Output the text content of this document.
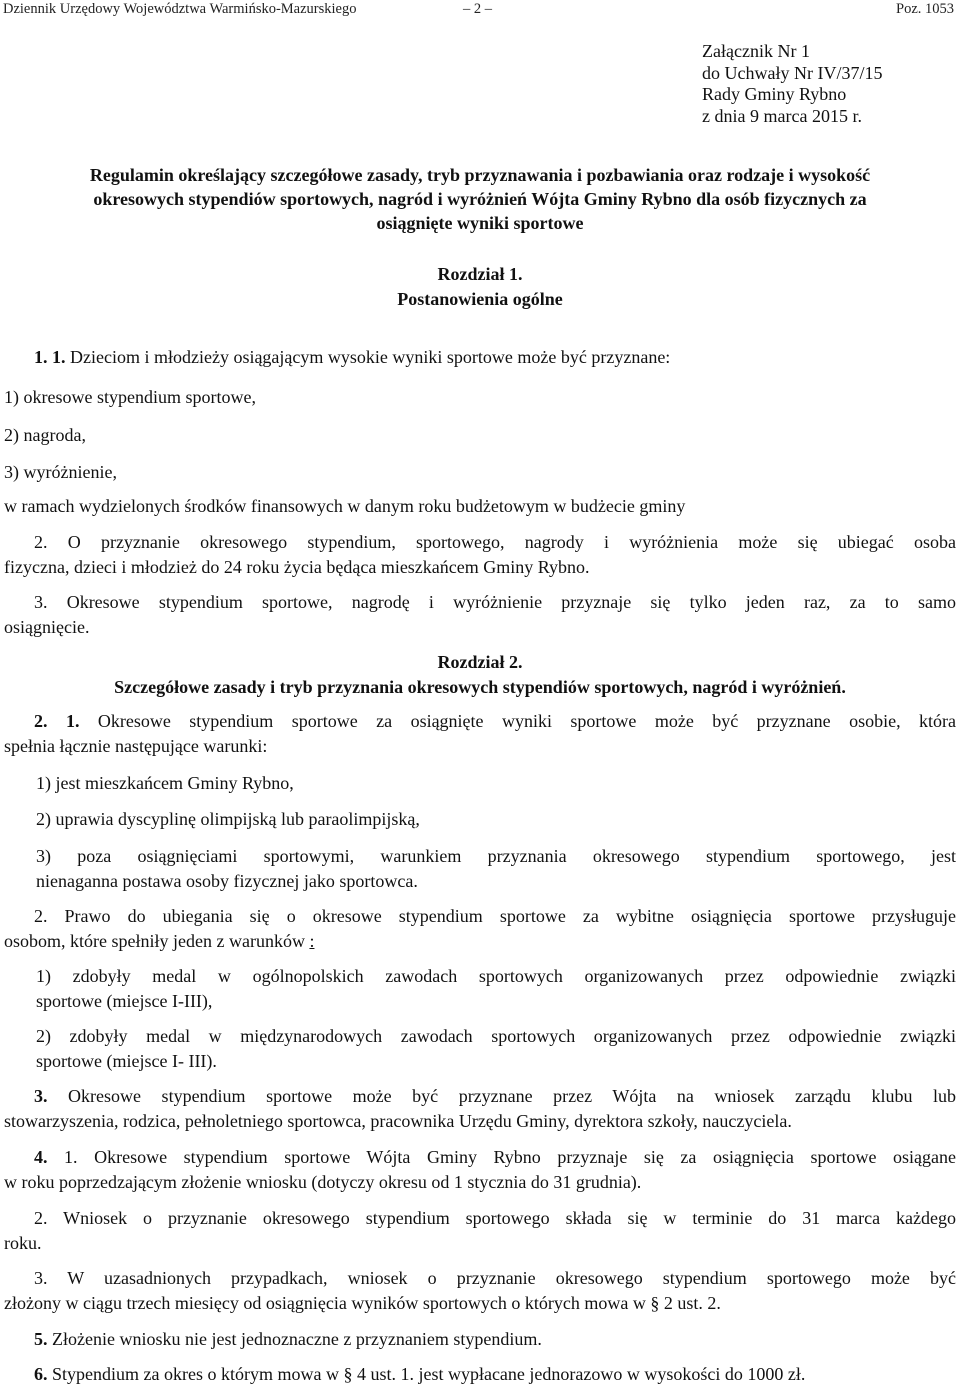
Dziennik Urzędowy Województwa Warmińsko-Mazurskiego	– 2 –	Poz. 1053
Załącznik Nr 1
do Uchwały Nr IV/37/15
Rady Gminy Rybno
z dnia 9 marca 2015 r.
Regulamin określający szczegółowe zasady, tryb przyznawania i pozbawiania oraz rodzaje i wysokość
okresowych stypendiów sportowych, nagród i wyróżnień Wójta Gminy Rybno dla osób fizycznych za
osiągnięte wyniki sportowe
Rozdział 1.
Postanowienia ogólne
1. 1. Dzieciom i młodzieży osiągającym wysokie wyniki sportowe może być przyznane:
1) okresowe stypendium sportowe,
2) nagroda,
3) wyróżnienie,
w ramach wydzielonych środków finansowych w danym roku budżetowym w budżecie gminy
2. O przyznanie okresowego stypendium, sportowego, nagrody i wyróżnienia może się ubiegać osoba
fizyczna, dzieci i młodzież do 24 roku życia będąca mieszkańcem Gminy Rybno.
3. Okresowe stypendium sportowe, nagrodę i wyróżnienie przyznaje się tylko jeden raz, za to samo
osiągnięcie.
Rozdział 2.
Szczegółowe zasady i tryb przyznania okresowych stypendiów sportowych, nagród i wyróżnień.
2. 1. Okresowe stypendium sportowe za osiągnięte wyniki sportowe może być przyznane osobie, która
spełnia łącznie następujące warunki:
1) jest mieszkańcem Gminy Rybno,
2) uprawia dyscyplinę olimpijską lub paraolimpijską,
3) poza osiągnięciami sportowymi, warunkiem przyznania okresowego stypendium sportowego, jest
nienaganna postawa osoby fizycznej jako sportowca.
2. Prawo do ubiegania się o okresowe stypendium sportowe za wybitne osiągnięcia sportowe przysługuje
osobom, które spełniły jeden z warunków :
1) zdobyły medal w ogólnopolskich zawodach sportowych organizowanych przez odpowiednie związki
sportowe (miejsce I-III),
2) zdobyły medal w międzynarodowych zawodach sportowych organizowanych przez odpowiednie związki
sportowe (miejsce I- III).
3. Okresowe stypendium sportowe może być przyznane przez Wójta na wniosek zarządu klubu lub
stowarzyszenia, rodzica, pełnoletniego sportowca, pracownika Urzędu Gminy, dyrektora szkoły, nauczyciela.
4. 1. Okresowe stypendium sportowe Wójta Gminy Rybno przyznaje się za osiągnięcia sportowe osiągane
w roku poprzedzającym złożenie wniosku (dotyczy okresu od 1 stycznia do 31 grudnia).
2. Wniosek o przyznanie okresowego stypendium sportowego składa się w terminie do 31 marca każdego
roku.
3. W uzasadnionych przypadkach, wniosek o przyznanie okresowego stypendium sportowego może być
złożony w ciągu trzech miesięcy od osiągnięcia wyników sportowych o których mowa w § 2 ust. 2.
5. Złożenie wniosku nie jest jednoznaczne z przyznaniem stypendium.
6. Stypendium za okres o którym mowa w § 4 ust. 1. jest wypłacane jednorazowo w wysokości do 1000 zł.
